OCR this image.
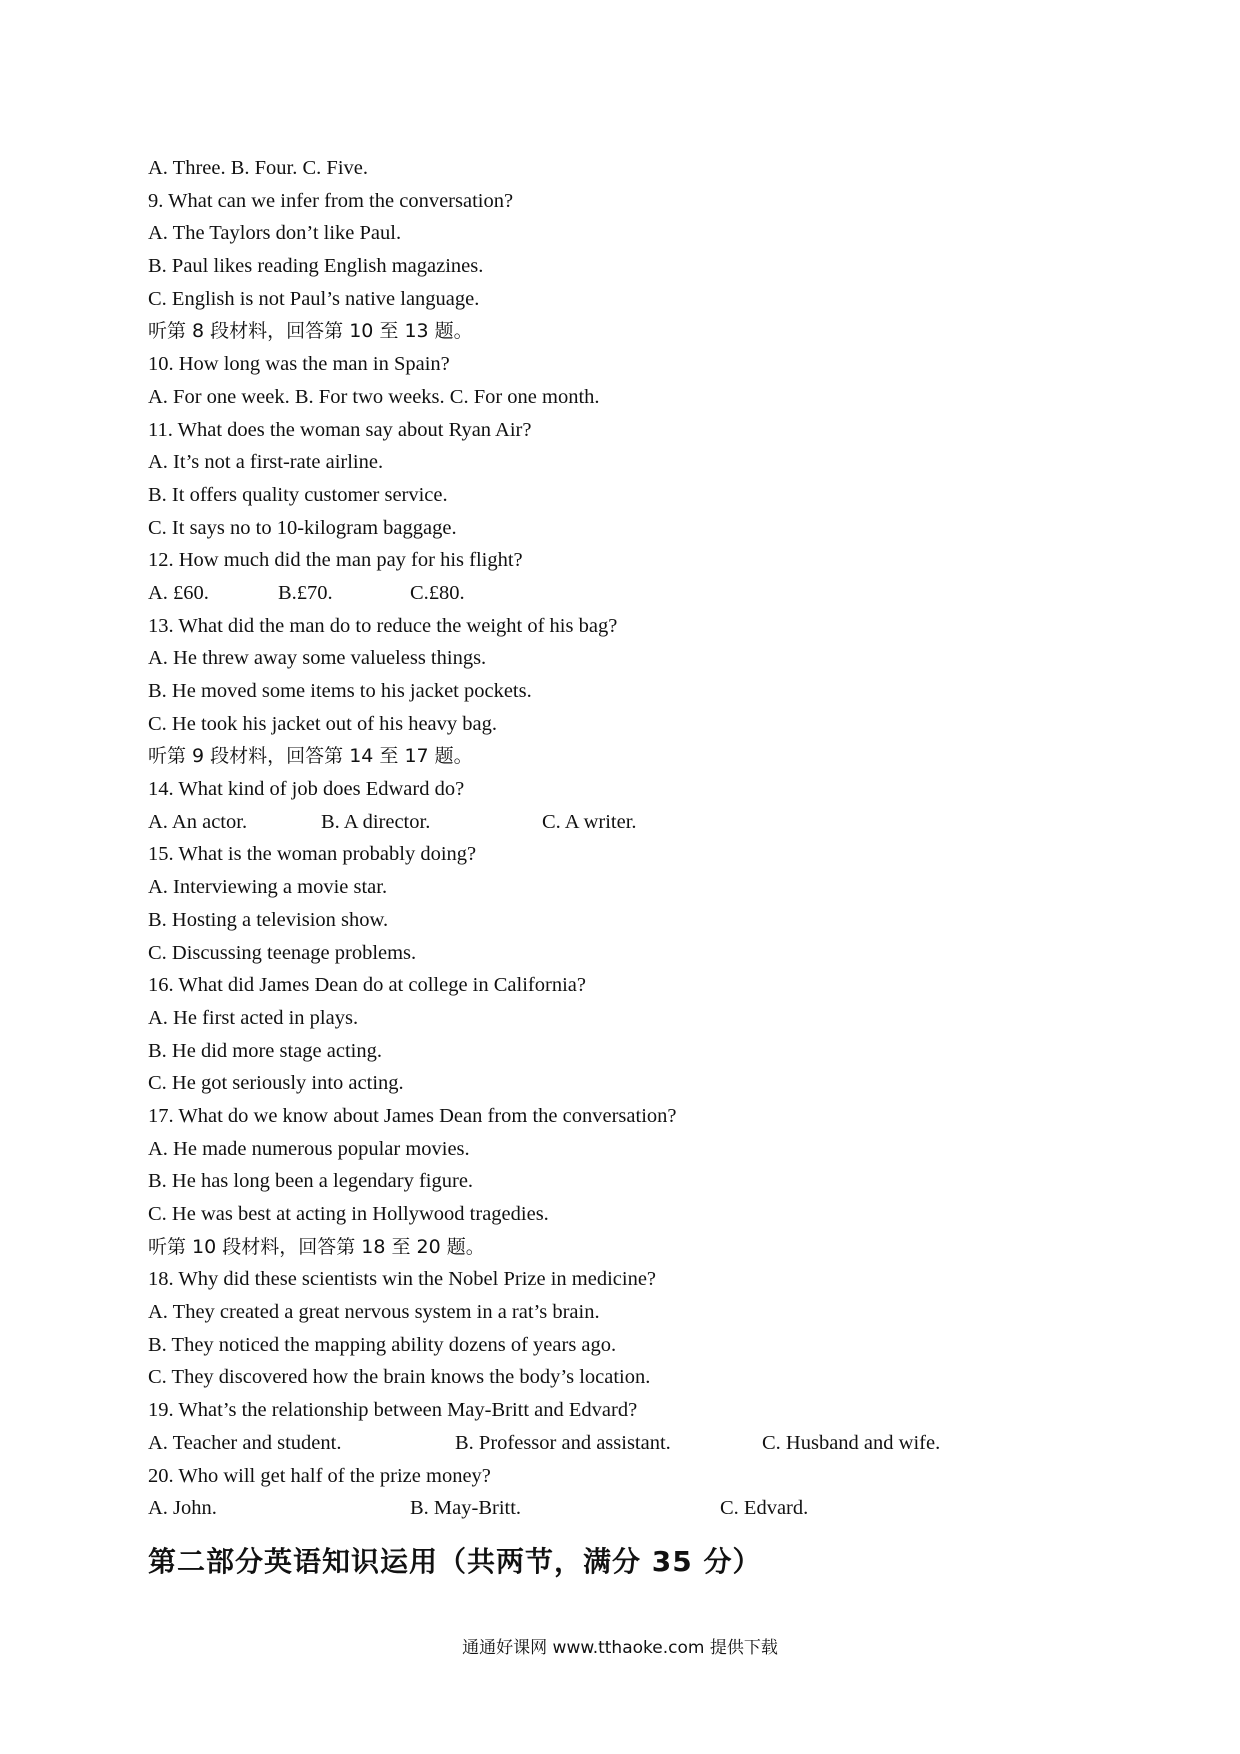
A. Three. B. Four. C. Five.
9. What can we infer from the conversation?
A. The Taylors don’t like Paul.
B. Paul likes reading English magazines.
C. English is not Paul’s native language.
听第 8 段材料，回答第 10 至 13 题。
10. How long was the man in Spain?
A. For one week. B. For two weeks. C. For one month.
11. What does the woman say about Ryan Air?
A. It’s not a first-rate airline.
B. It offers quality customer service.
C. It says no to 10-kilogram baggage.
12. How much did the man pay for his flight?
A. £60.	B.£70.	C.£80.
13. What did the man do to reduce the weight of his bag?
A. He threw away some valueless things.
B. He moved some items to his jacket pockets.
C. He took his jacket out of his heavy bag.
听第 9 段材料，回答第 14 至 17 题。
14. What kind of job does Edward do?
A. An actor.	B. A director.	C. A writer.
15. What is the woman probably doing?
A. Interviewing a movie star.
B. Hosting a television show.
C. Discussing teenage problems.
16. What did James Dean do at college in California?
A. He first acted in plays.
B. He did more stage acting.
C. He got seriously into acting.
17. What do we know about James Dean from the conversation?
A. He made numerous popular movies.
B. He has long been a legendary figure.
C. He was best at acting in Hollywood tragedies.
听第 10 段材料，回答第 18 至 20 题。
18. Why did these scientists win the Nobel Prize in medicine?
A. They created a great nervous system in a rat’s brain.
B. They noticed the mapping ability dozens of years ago.
C. They discovered how the brain knows the body’s location.
19. What’s the relationship between May-Britt and Edvard?
A. Teacher and student.	B. Professor and assistant.	C. Husband and wife.
20. Who will get half of the prize money?
A. John.	B. May-Britt.	C. Edvard.
第二部分英语知识运用（共两节，满分 35 分）
通通好课网 www.tthaoke.com 提供下载
